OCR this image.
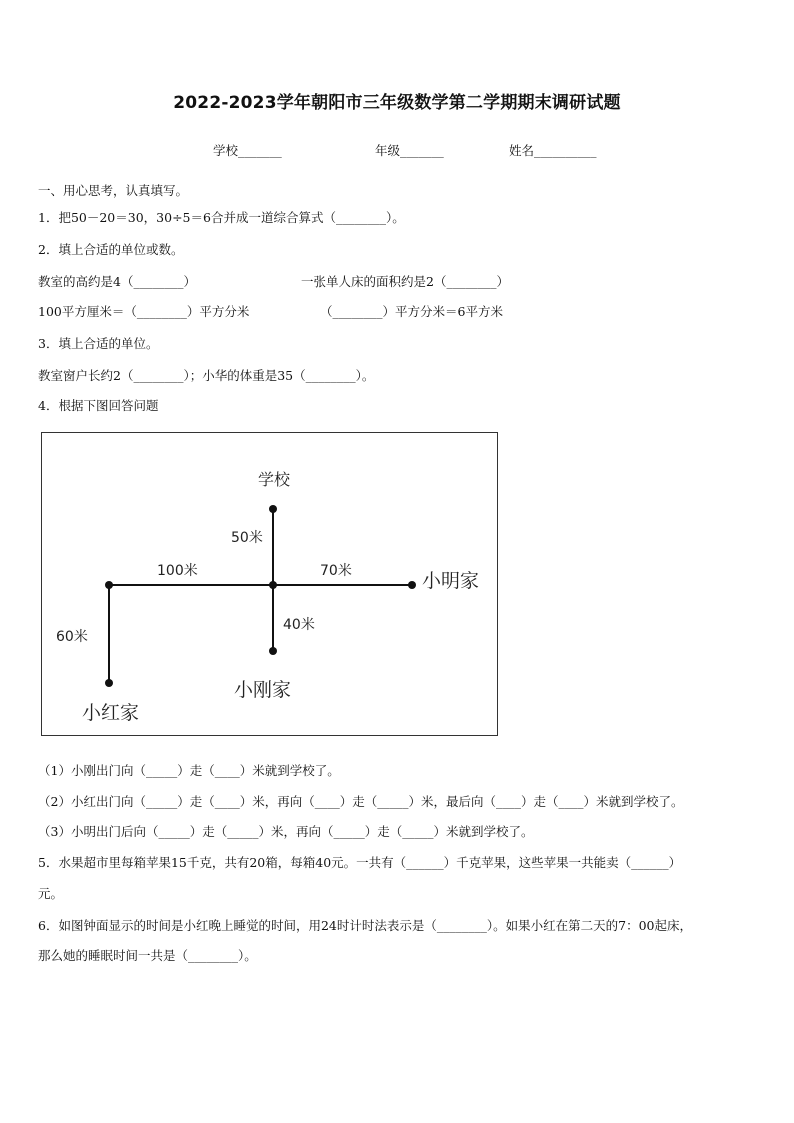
2022-2023学年朝阳市三年级数学第二学期期末调研试题
学校_______	年级_______	姓名__________
一、用心思考，认真填写。
1．把50－20＝30，30÷5＝6合并成一道综合算式（________）。
2．填上合适的单位或数。
教室的高约是4（________）	一张单人床的面积约是2（________）
100平方厘米＝（________）平方分米	（________）平方分米＝6平方米
3．填上合适的单位。
教室窗户长约2（________）；小华的体重是35（________）。
4．根据下图回答问题
学校
50米
100米	70米	小明家
40米
60米
小刚家
小红家
（1）小刚出门向（_____）走（____）米就到学校了。
（2）小红出门向（_____）走（____）米，再向（____）走（_____）米，最后向（____）走（____）米就到学校了。
（3）小明出门后向（_____）走（_____）米，再向（_____）走（_____）米就到学校了。
5．水果超市里每箱苹果15千克，共有20箱，每箱40元。一共有（______）千克苹果，这些苹果一共能卖（______）
元。
6．如图钟面显示的时间是小红晚上睡觉的时间，用24时计时法表示是（________）。如果小红在第二天的7：00起床，
那么她的睡眠时间一共是（________）。
